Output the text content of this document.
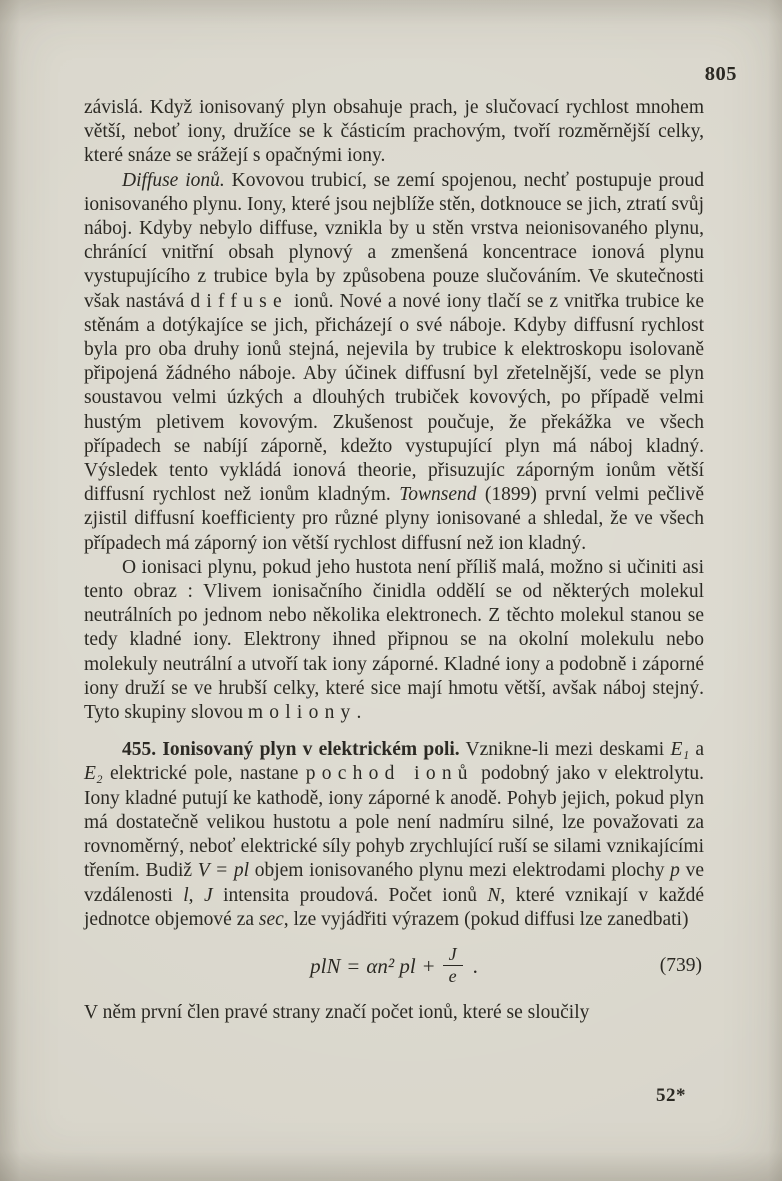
805

závislá. Když ionisovaný plyn obsahuje prach, je slučovací rychlost mnohem větší, neboť iony, družíce se k částicím prachovým, tvoří rozměrnější celky, které snáze se srážejí s opačnými iony.

Diffuse ionů. Kovovou trubicí, se zemí spojenou, nechť postupuje proud ionisovaného plynu. Iony, které jsou nejblíže stěn, dotknouce se jich, ztratí svůj náboj. Kdyby nebylo diffuse, vznikla by u stěn vrstva neionisovaného plynu, chránící vnitřní obsah plynový a zmenšená koncentrace ionová plynu vystupujícího z trubice byla by způsobena pouze slučováním. Ve skutečnosti však nastává diffuse ionů. Nové a nové iony tlačí se z vnitřka trubice ke stěnám a dotýkajíce se jich, přicházejí o své náboje. Kdyby diffusní rychlost byla pro oba druhy ionů stejná, nejevila by trubice k elektroskopu isolovaně připojená žádného náboje. Aby účinek diffusní byl zřetelnější, vede se plyn soustavou velmi úzkých a dlouhých trubiček kovových, po případě velmi hustým pletivem kovovým. Zkušenost poučuje, že překážka ve všech případech se nabíjí záporně, kdežto vystupující plyn má náboj kladný. Výsledek tento vykládá ionová theorie, přisuzujíc záporným ionům větší diffusní rychlost než ionům kladným. Townsend (1899) první velmi pečlivě zjistil diffusní koefficienty pro různé plyny ionisované a shledal, že ve všech případech má záporný ion větší rychlost diffusní než ion kladný.

O ionisaci plynu, pokud jeho hustota není příliš malá, možno si učiniti asi tento obraz : Vlivem ionisačního činidla oddělí se od některých molekul neutrálních po jednom nebo několika elektronech. Z těchto molekul stanou se tedy kladné iony. Elektrony ihned připnou se na okolní molekulu nebo molekuly neutrální a utvoří tak iony záporné. Kladné iony a podobně i záporné iony druží se ve hrubší celky, které sice mají hmotu větší, avšak náboj stejný. Tyto skupiny slovou moliony.

455. Ionisovaný plyn v elektrickém poli. Vznikne-li mezi deskami E₁ a E₂ elektrické pole, nastane pochod ionů podobný jako v elektrolytu. Iony kladné putují ke kathodě, iony záporné k anodě. Pohyb jejich, pokud plyn má dostatečně velikou hustotu a pole není nadmíru silné, lze považovati za rovnoměrný, neboť elektrické síly pohyb zrychlující ruší se silami vznikajícími třením. Budiž V = pl objem ionisovaného plynu mezi elektrodami plochy p ve vzdálenosti l, J intensita proudová. Počet ionů N, které vznikají v každé jednotce objemové za sec, lze vyjádřiti výrazem (pokud diffusi lze zanedbati)

plN = αn² pl + $\frac{J}{e}$ .	(739)

V něm první člen pravé strany značí počet ionů, které se sloučily

52*
